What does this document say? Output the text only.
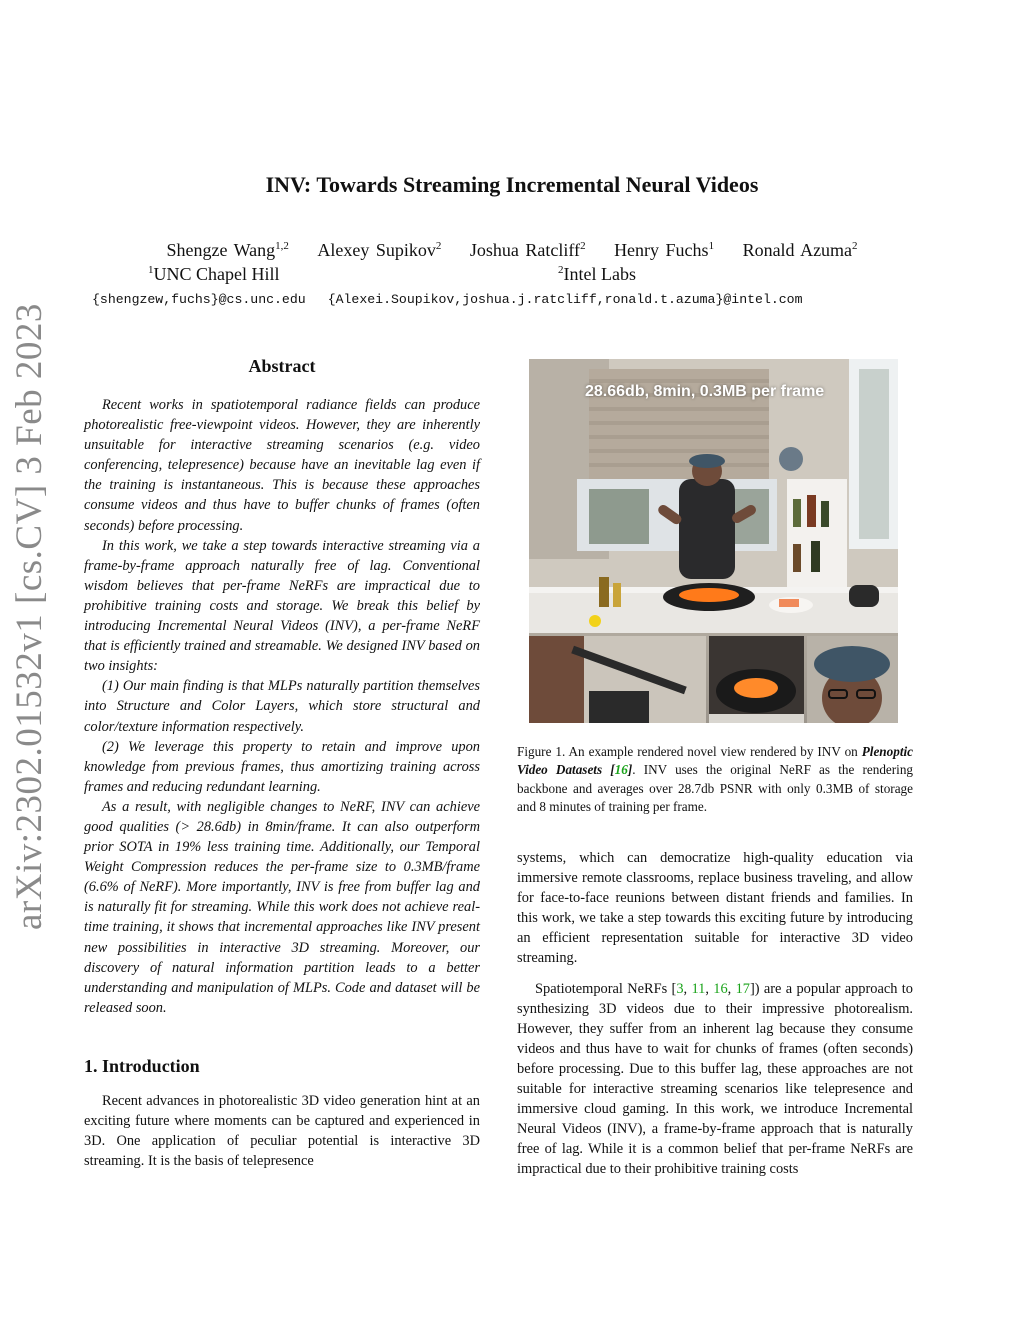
arXiv:2302.01532v1 [cs.CV] 3 Feb 2023
INV: Towards Streaming Incremental Neural Videos
Shengze Wang$^{1,2}$ Alexey Supikov$^2$ Joshua Ratcliff$^2$ Henry Fuchs$^1$ Ronald Azuma$^2$
$^1$UNC Chapel Hill	$^2$Intel Labs
{shengzew,fuchs}@cs.unc.edu {Alexei.Soupikov,joshua.j.ratcliff,ronald.t.azuma}@intel.com
Abstract

Recent works in spatiotemporal radiance fields can produce photorealistic free-viewpoint videos. However, they are inherently unsuitable for interactive streaming scenarios (e.g. video conferencing, telepresence) because have an inevitable lag even if the training is instantaneous. This is because these approaches consume videos and thus have to buffer chunks of frames (often seconds) before processing.

In this work, we take a step towards interactive streaming via a frame-by-frame approach naturally free of lag. Conventional wisdom believes that per-frame NeRFs are impractical due to prohibitive training costs and storage. We break this belief by introducing Incremental Neural Videos (INV), a per-frame NeRF that is efficiently trained and streamable. We designed INV based on two insights:

(1) Our main finding is that MLPs naturally partition themselves into Structure and Color Layers, which store structural and color/texture information respectively.

(2) We leverage this property to retain and improve upon knowledge from previous frames, thus amortizing training across frames and reducing redundant learning.

As a result, with negligible changes to NeRF, INV can achieve good qualities (> 28.6db) in 8min/frame. It can also outperform prior SOTA in 19% less training time. Additionally, our Temporal Weight Compression reduces the per-frame size to 0.3MB/frame (6.6% of NeRF). More importantly, INV is free from buffer lag and is naturally fit for streaming. While this work does not achieve real-time training, it shows that incremental approaches like INV present new possibilities in interactive 3D streaming. Moreover, our discovery of natural information partition leads to a better understanding and manipulation of MLPs. Code and dataset will be released soon.

1. Introduction

Recent advances in photorealistic 3D video generation hint at an exciting future where moments can be captured and experienced in 3D. One application of peculiar potential is interactive 3D streaming. It is the basis of telepresence

28.66db, 8min, 0.3MB per frame
Figure 1. An example rendered novel view rendered by INV on Plenoptic Video Datasets [16]. INV uses the original NeRF as the rendering backbone and averages over 28.7db PSNR with only 0.3MB of storage and 8 minutes of training per frame.

systems, which can democratize high-quality education via immersive remote classrooms, replace business traveling, and allow for face-to-face reunions between distant friends and families. In this work, we take a step towards this exciting future by introducing an efficient representation suitable for interactive 3D video streaming.

Spatiotemporal NeRFs [3, 11, 16, 17]) are a popular approach to synthesizing 3D videos due to their impressive photorealism. However, they suffer from an inherent lag because they consume videos and thus have to wait for chunks of frames (often seconds) before processing. Due to this buffer lag, these approaches are not suitable for interactive streaming scenarios like telepresence and immersive cloud gaming. In this work, we introduce Incremental Neural Videos (INV), a frame-by-frame approach that is naturally free of lag. While it is a common belief that per-frame NeRFs are impractical due to their prohibitive training costs
